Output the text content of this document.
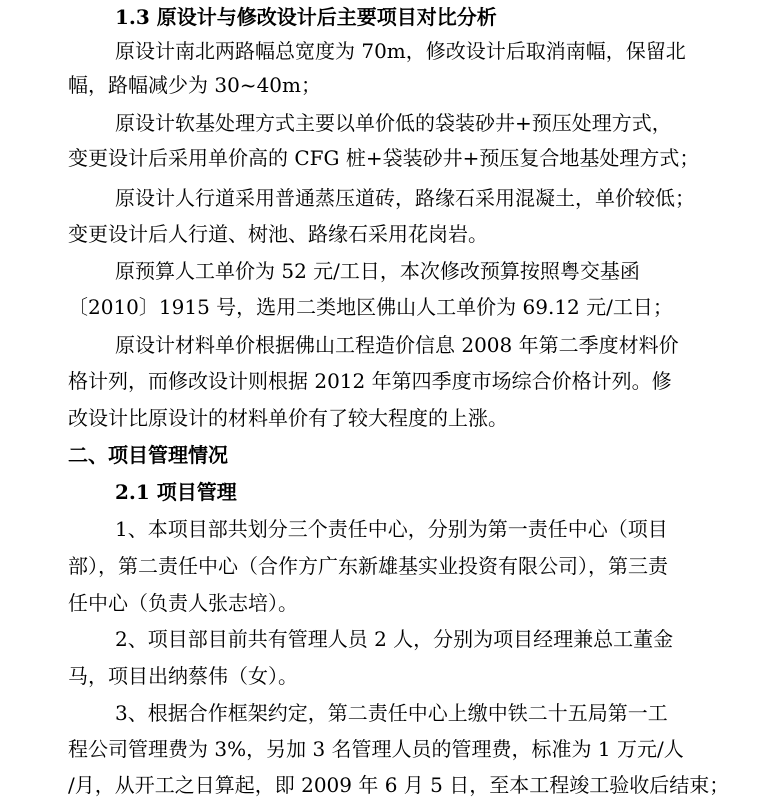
1.3 原设计与修改设计后主要项目对比分析
原设计南北两路幅总宽度为 70m，修改设计后取消南幅，保留北
幅，路幅减少为 30~40m；
原设计软基处理方式主要以单价低的袋装砂井+预压处理方式，
变更设计后采用单价高的 CFG 桩+袋装砂井+预压复合地基处理方式；
原设计人行道采用普通蒸压道砖，路缘石采用混凝土，单价较低；
变更设计后人行道、树池、路缘石采用花岗岩。
原预算人工单价为 52 元/工日，本次修改预算按照粤交基函
〔2010〕1915 号，选用二类地区佛山人工单价为 69.12 元/工日；
原设计材料单价根据佛山工程造价信息 2008 年第二季度材料价
格计列，而修改设计则根据 2012 年第四季度市场综合价格计列。修
改设计比原设计的材料单价有了较大程度的上涨。
二、项目管理情况
2.1 项目管理
1、本项目部共划分三个责任中心，分别为第一责任中心（项目
部），第二责任中心（合作方广东新雄基实业投资有限公司），第三责
任中心（负责人张志培）。
2、项目部目前共有管理人员 2 人，分别为项目经理兼总工董金
马，项目出纳蔡伟（女）。
3、根据合作框架约定，第二责任中心上缴中铁二十五局第一工
程公司管理费为 3%，另加 3 名管理人员的管理费，标准为 1 万元/人
/月，从开工之日算起，即 2009 年 6 月 5 日，至本工程竣工验收后结束；
